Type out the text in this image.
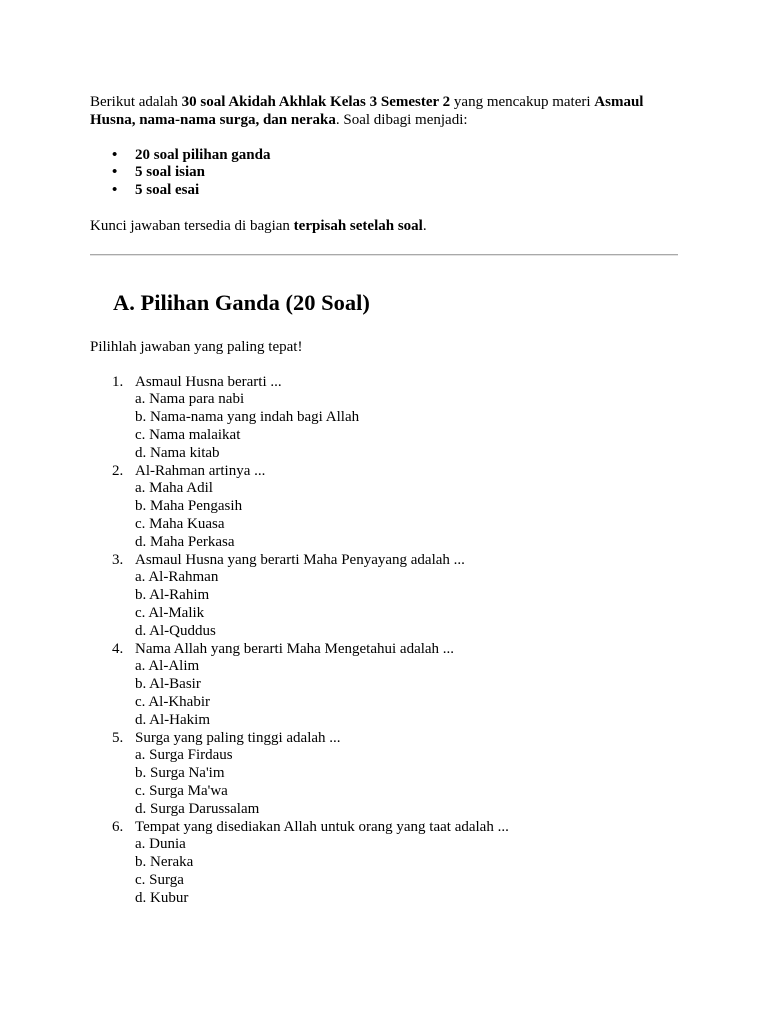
Berikut adalah 30 soal Akidah Akhlak Kelas 3 Semester 2 yang mencakup materi Asmaul Husna, nama-nama surga, dan neraka. Soal dibagi menjadi:

• 20 soal pilihan ganda
• 5 soal isian
• 5 soal esai

Kunci jawaban tersedia di bagian terpisah setelah soal.

A. Pilihan Ganda (20 Soal)

Pilihlah jawaban yang paling tepat!

1. Asmaul Husna berarti ...
a. Nama para nabi
b. Nama-nama yang indah bagi Allah
c. Nama malaikat
d. Nama kitab
2. Al-Rahman artinya ...
a. Maha Adil
b. Maha Pengasih
c. Maha Kuasa
d. Maha Perkasa
3. Asmaul Husna yang berarti Maha Penyayang adalah ...
a. Al-Rahman
b. Al-Rahim
c. Al-Malik
d. Al-Quddus
4. Nama Allah yang berarti Maha Mengetahui adalah ...
a. Al-Alim
b. Al-Basir
c. Al-Khabir
d. Al-Hakim
5. Surga yang paling tinggi adalah ...
a. Surga Firdaus
b. Surga Na'im
c. Surga Ma'wa
d. Surga Darussalam
6. Tempat yang disediakan Allah untuk orang yang taat adalah ...
a. Dunia
b. Neraka
c. Surga
d. Kubur
